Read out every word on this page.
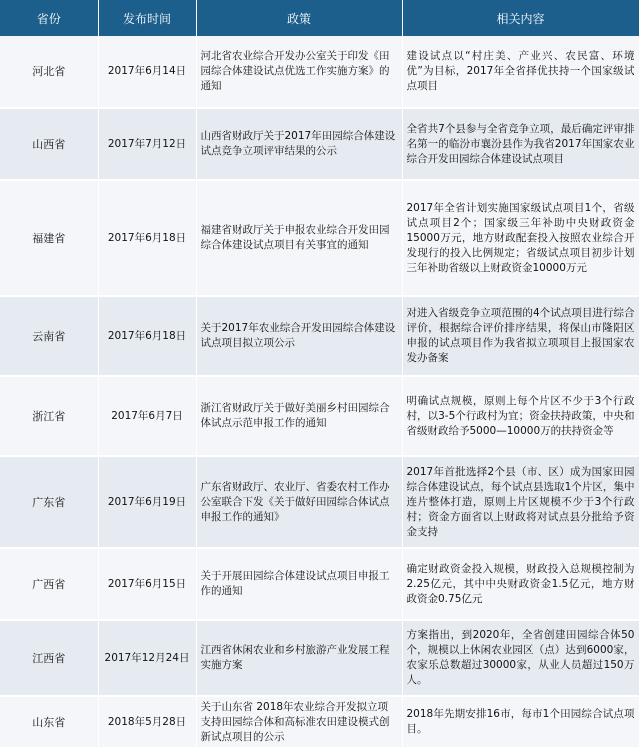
省份	发布时间	政策	相关内容
河北省	2017年6月14日	河北省农业综合开发办公室关于印发《田园综合体建设试点优选工作实施方案》的通知	建设试点以“村庄美、产业兴、农民富、环境优”为目标，2017年全省择优扶持一个国家级试点项目
山西省	2017年7月12日	山西省财政厅关于2017年田园综合体建设试点竞争立项评审结果的公示	全省共7个县参与全省竞争立项，最后确定评审排名第一的临汾市襄汾县作为我省2017年国家农业综合开发田园综合体建设试点项目
福建省	2017年6月18日	福建省财政厅关于申报农业综合开发田园综合体建设试点项目有关事宜的通知	2017年全省计划实施国家级试点项目1个，省级试点项目2个；国家级三年补助中央财政资金15000万元，地方财政配套投入按照农业综合开发现行的投入比例规定；省级试点项目初步计划三年补助省级以上财政资金10000万元
云南省	2017年6月18日	关于2017年农业综合开发田园综合体建设试点项目拟立项公示	对进入省级竞争立项范围的4个试点项目进行综合评价，根据综合评价排序结果，将保山市隆阳区申报的试点项目作为我省拟立项项目上报国家农发办备案
浙江省	2017年6月7日	浙江省财政厅关于做好美丽乡村田园综合体试点示范申报工作的通知	明确试点规模，原则上每个片区不少于3个行政村，以3-5个行政村为宜；资金扶持政策，中央和省级财政给予5000—10000万的扶持资金等
广东省	2017年6月19日	广东省财政厅、农业厅、省委农村工作办公室联合下发《关于做好田园综合体试点申报工作的通知》	2017年首批选择2个县（市、区）成为国家田园综合体建设试点，每个试点县选取1个片区，集中连片整体打造，原则上片区规模不少于3个行政村；资金方面省以上财政将对试点县分批给予资金支持
广西省	2017年6月15日	关于开展田园综合体建设试点项目申报工作的通知	确定财政资金投入规模，财政投入总规模控制为2.25亿元，其中中央财政资金1.5亿元，地方财政资金0.75亿元
江西省	2017年12月24日	江西省休闲农业和乡村旅游产业发展工程实施方案	方案指出，到2020年，全省创建田园综合体50个，规模以上休闲农业园区（点）达到6000家，农家乐总数超过30000家，从业人员超过150万人。
山东省	2018年5月28日	关于山东省 2018年农业综合开发拟立项支持田园综合体和高标准农田建设模式创新试点项目的公示	2018年先期安排16市，每市1个田园综合试点项目。
